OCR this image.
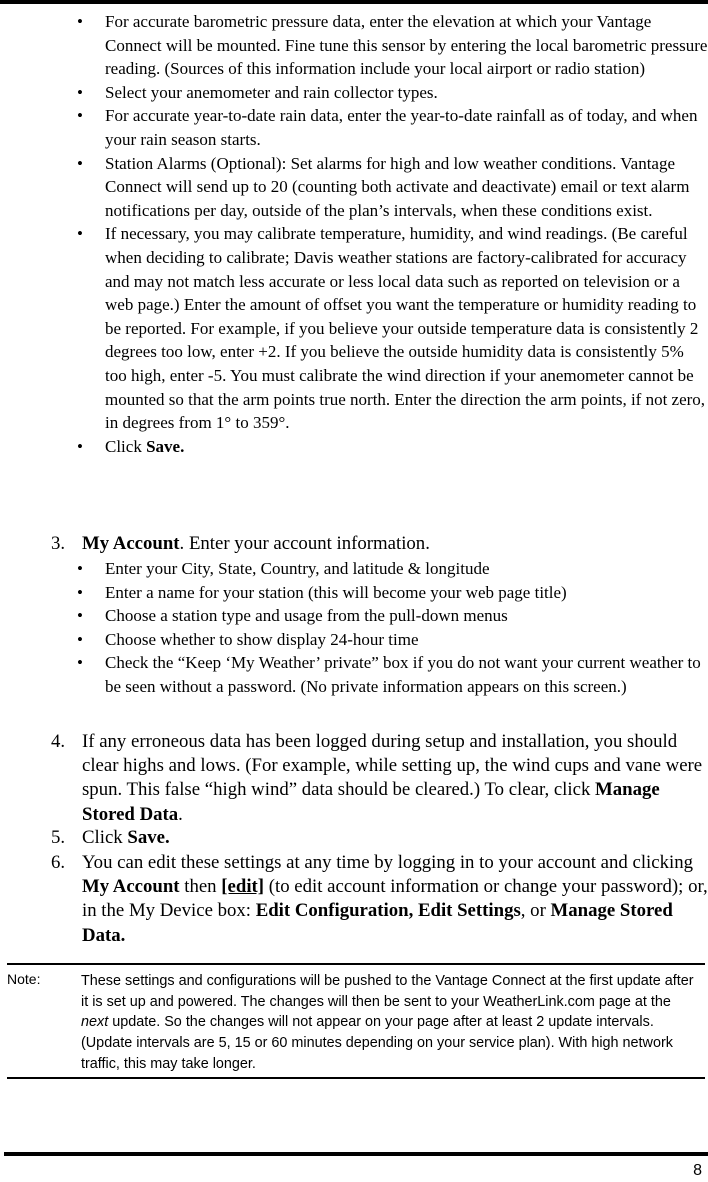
• For accurate barometric pressure data, enter the elevation at which your Vantage Connect will be mounted. Fine tune this sensor by entering the local barometric pressure reading. (Sources of this information include your local airport or radio station)
• Select your anemometer and rain collector types.
• For accurate year-to-date rain data, enter the year-to-date rainfall as of today, and when your rain season starts.
• Station Alarms (Optional): Set alarms for high and low weather conditions. Vantage Connect will send up to 20 (counting both activate and deactivate) email or text alarm notifications per day, outside of the plan’s intervals, when these conditions exist.
• If necessary, you may calibrate temperature, humidity, and wind readings. (Be careful when deciding to calibrate; Davis weather stations are factory-calibrated for accuracy and may not match less accurate or less local data such as reported on television or a web page.) Enter the amount of offset you want the temperature or humidity reading to be reported. For example, if you believe your outside temperature data is consistently 2 degrees too low, enter +2. If you believe the outside humidity data is consistently 5% too high, enter -5. You must calibrate the wind direction if your anemometer cannot be mounted so that the arm points true north. Enter the direction the arm points, if not zero, in degrees from 1° to 359°.
• Click Save.
3. My Account. Enter your account information.
• Enter your City, State, Country, and latitude & longitude
• Enter a name for your station (this will become your web page title)
• Choose a station type and usage from the pull-down menus
• Choose whether to show display 24-hour time
• Check the “Keep ‘My Weather’ private” box if you do not want your current weather to be seen without a password. (No private information appears on this screen.)
4. If any erroneous data has been logged during setup and installation, you should clear highs and lows. (For example, while setting up, the wind cups and vane were spun. This false “high wind” data should be cleared.) To clear, click Manage Stored Data.
5. Click Save.
6. You can edit these settings at any time by logging in to your account and clicking My Account then [edit] (to edit account information or change your password); or, in the My Device box: Edit Configuration, Edit Settings, or Manage Stored Data.
Note:	These settings and configurations will be pushed to the Vantage Connect at the first update after it is set up and powered. The changes will then be sent to your WeatherLink.com page at the next update. So the changes will not appear on your page after at least 2 update intervals. (Update intervals are 5, 15 or 60 minutes depending on your service plan). With high network traffic, this may take longer.
8
